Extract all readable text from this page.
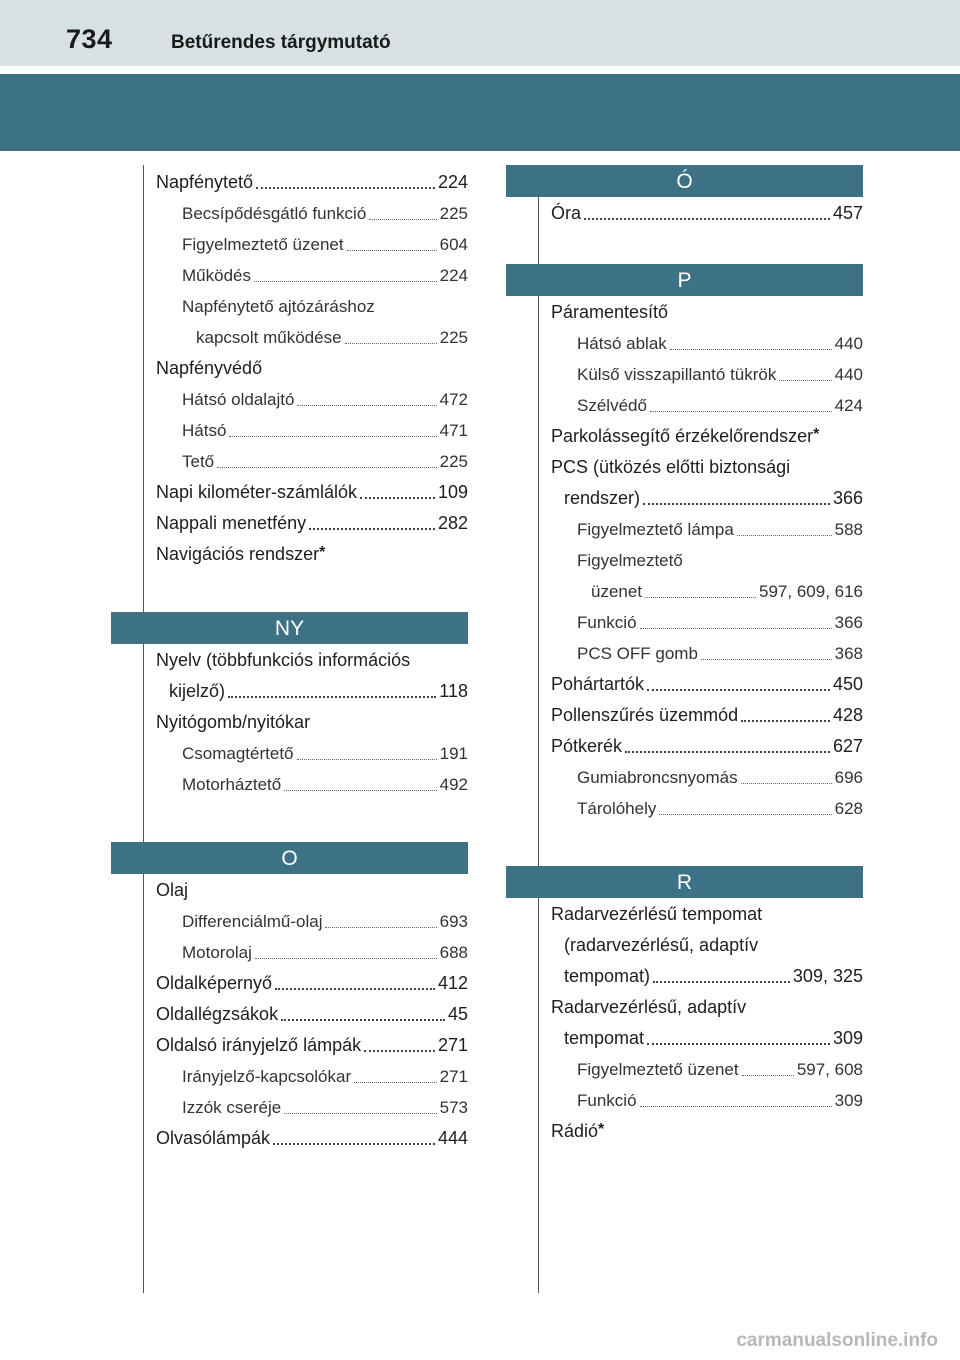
734	Betűrendes tárgymutató
Napfénytető	224
Becsípődésgátló funkció	225
Figyelmeztető üzenet	604
Működés	224
Napfénytető ajtózáráshoz
kapcsolt működése	225
Napfényvédő
Hátsó oldalajtó	472
Hátsó	471
Tető	225
Napi kilométer-számlálók	109
Nappali menetfény	282
Navigációs rendszer*
NY
Nyelv (többfunkciós információs
kijelző)	118
Nyitógomb/nyitókar
Csomagtértető	191
Motorháztető	492
O
Olaj
Differenciálmű-olaj	693
Motorolaj	688
Oldalképernyő	412
Oldallégzsákok	45
Oldalsó irányjelző lámpák	271
Irányjelző-kapcsolókar	271
Izzók cseréje	573
Olvasólámpák	444
Ó
Óra	457
P
Páramentesítő
Hátsó ablak	440
Külső visszapillantó tükrök	440
Szélvédő	424
Parkolássegítő érzékelőrendszer*
PCS (ütközés előtti biztonsági
rendszer)	366
Figyelmeztető lámpa	588
Figyelmeztető
üzenet	597, 609, 616
Funkció	366
PCS OFF gomb	368
Pohártartók	450
Pollenszűrés üzemmód	428
Pótkerék	627
Gumiabroncsnyomás	696
Tárolóhely	628
R
Radarvezérlésű tempomat
(radarvezérlésű, adaptív
tempomat)	309, 325
Radarvezérlésű, adaptív
tempomat	309
Figyelmeztető üzenet	597, 608
Funkció	309
Rádió*
carmanualsonline.info
